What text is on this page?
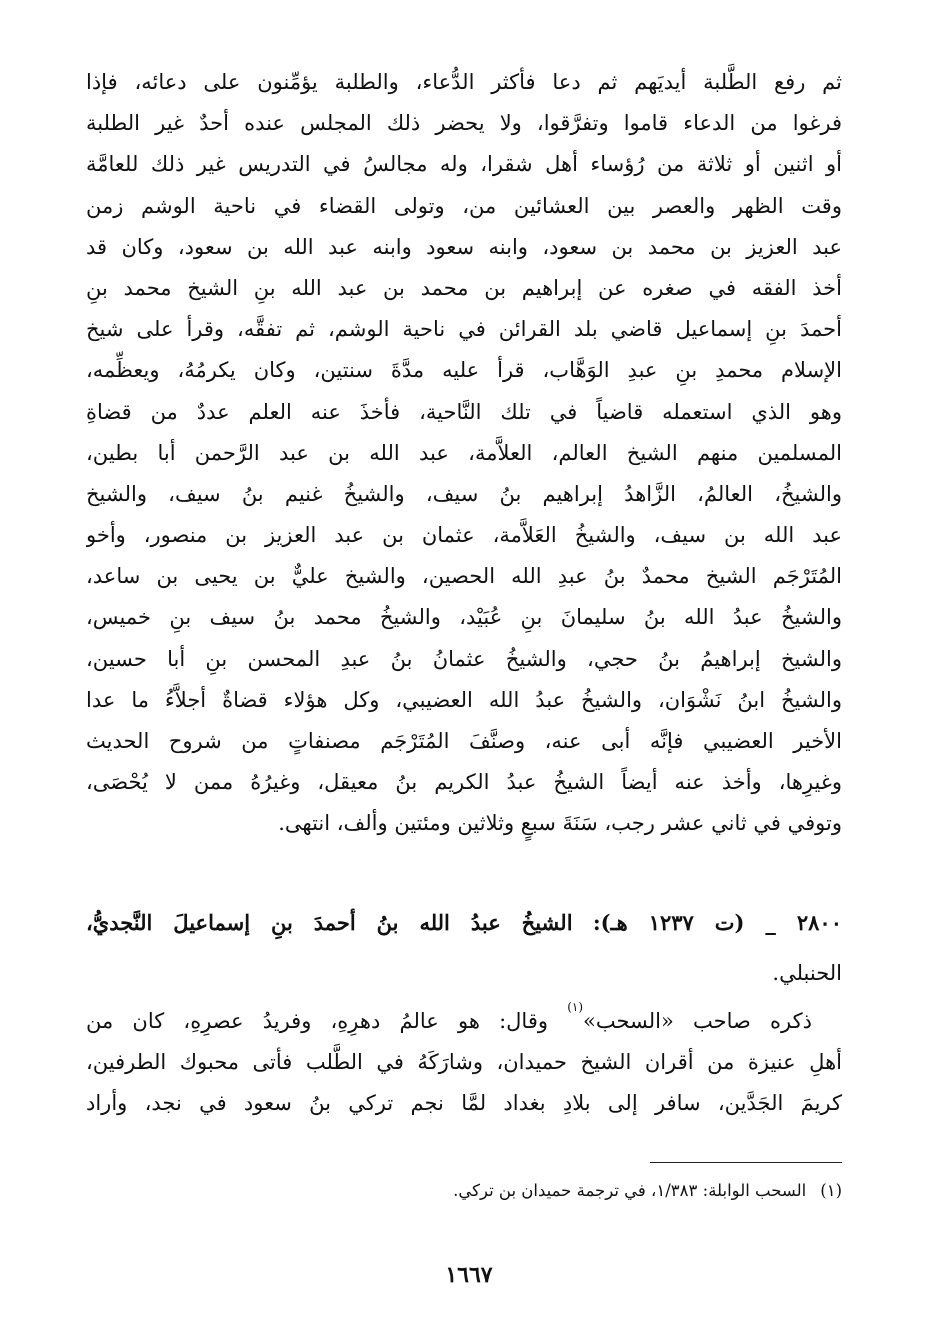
ثم رفع الطَّلبة أيديَهم ثم دعا فأكثر الدُّعاء، والطلبة يؤمِّنون على دعائه، فإذا
فرغوا من الدعاء قاموا وتفرَّقوا، ولا يحضر ذلك المجلس عنده أحدٌ غير الطلبة
أو اثنين أو ثلاثة من رُؤساء أهل شقرا، وله مجالسُ في التدريس غير ذلك للعامَّة
وقت الظهر والعصر بين العشائين من، وتولى القضاء في ناحية الوشم زمن
عبد العزيز بن محمد بن سعود، وابنه سعود وابنه عبد الله بن سعود، وكان قد
أخذ الفقه في صغره عن إبراهيم بن محمد بن عبد الله بنِ الشيخ محمد بنِ
أحمدَ بنِ إسماعيل قاضي بلد القرائن في ناحية الوشم، ثم تفقَّه، وقرأ على شيخ
الإسلام محمدِ بنِ عبدِ الوَهَّاب، قرأ عليه مدَّةَ سنتين، وكان يكرمُهُ، ويعظِّمه،
وهو الذي استعمله قاضياً في تلك النَّاحية، فأخذَ عنه العلم عددٌ من قضاةِ
المسلمين منهم الشيخ العالم، العلاَّمة، عبد الله بن عبد الرَّحمن أبا بطين،
والشيخُ، العالمُ، الزَّاهدُ إبراهيم بنُ سيف، والشيخُ غنيم بنُ سيف، والشيخ
عبد الله بن سيف، والشيخُ العَلاَّمة، عثمان بن عبد العزيز بن منصور، وأخو
المُتَرْجَم الشيخ محمدٌ بنُ عبدِ الله الحصين، والشيخ عليٌّ بن يحيى بن ساعد،
والشيخُ عبدُ الله بنُ سليمانَ بنِ عُبَيْد، والشيخُ محمد بنُ سيف بنِ خميس،
والشيخ إبراهيمُ بنُ حجي، والشيخُ عثمانُ بنُ عبدِ المحسن بنِ أبا حسين،
والشيخُ ابنُ نَشْوَان، والشيخُ عبدُ الله العضيبي، وكل هؤلاء قضاةٌ أجلاَّءُ ما عدا
الأخير العضيبي فإنَّه أبى عنه، وصنَّفَ المُتَرْجَم مصنفاتٍ من شروح الحديث
وغيرِها، وأخذ عنه أيضاً الشيخُ عبدُ الكريم بنُ معيقل، وغيرُهُ ممن لا يُحْصَى،
وتوفي في ثاني عشر رجب، سَنَةَ سبعٍ وثلاثين ومئتين وألف، انتهى.
٢٨٠٠ _ (ت ١٢٣٧ هـ): الشيخُ عبدُ الله بنُ أحمدَ بنِ إسماعيلَ النَّجديُّ،
الحنبلي.
ذكره صاحب «السحب»$^{(١)}$ وقال: هو عالمُ دهرِهِ، وفريدُ عصرِهِ، كان من
أهلِ عنيزة من أقران الشيخ حميدان، وشارَكَهُ في الطَّلب فأتى محبوك الطرفين،
كريمَ الجَدَّين، سافر إلى بلادِ بغداد لمَّا نجم تركي بنُ سعود في نجد، وأراد
(١)السحب الوابلة: ١/٣٨٣، في ترجمة حميدان بن تركي.
١٦٦٧
